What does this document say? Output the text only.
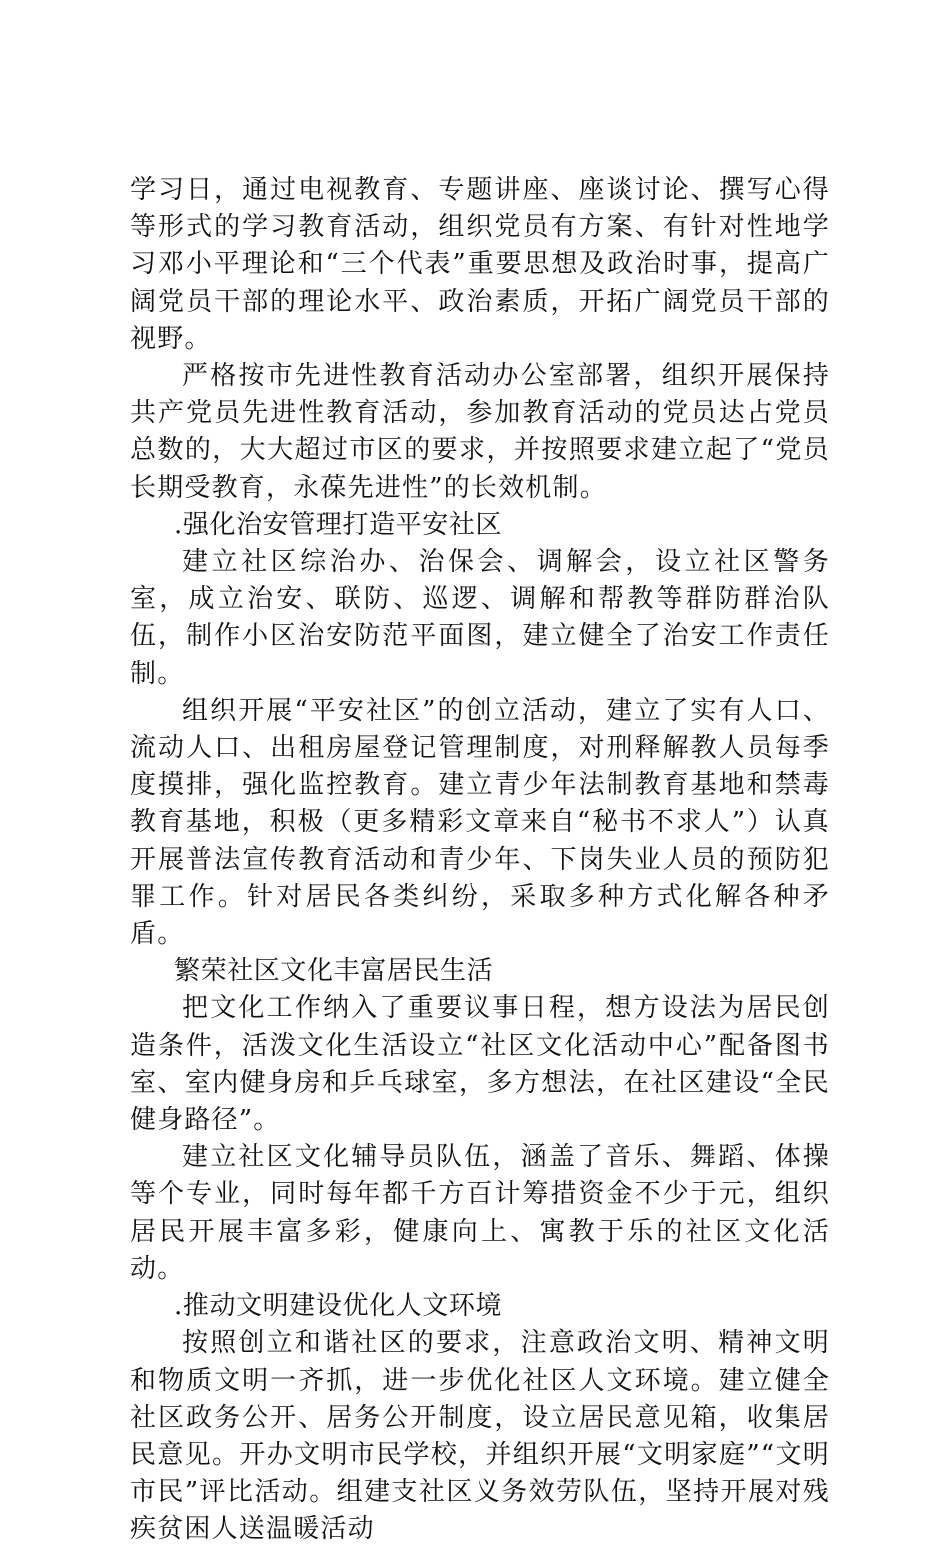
学习日，通过电视教育、专题讲座、座谈讨论、撰写心得等形式的学习教育活动，组织党员有方案、有针对性地学习邓小平理论和“三个代表”重要思想及政治时事，提高广阔党员干部的理论水平、政治素质，开拓广阔党员干部的视野。

严格按市先进性教育活动办公室部署，组织开展保持共产党员先进性教育活动，参加教育活动的党员达占党员总数的，大大超过市区的要求，并按照要求建立起了“党员长期受教育，永葆先进性”的长效机制。

.强化治安管理打造平安社区

建立社区综治办、治保会、调解会，设立社区警务室，成立治安、联防、巡逻、调解和帮教等群防群治队伍，制作小区治安防范平面图，建立健全了治安工作责任制。

组织开展“平安社区”的创立活动，建立了实有人口、流动人口、出租房屋登记管理制度，对刑释解教人员每季度摸排，强化监控教育。建立青少年法制教育基地和禁毒教育基地，积极（更多精彩文章来自“秘书不求人”）认真开展普法宣传教育活动和青少年、下岗失业人员的预防犯罪工作。针对居民各类纠纷，采取多种方式化解各种矛盾。

繁荣社区文化丰富居民生活

把文化工作纳入了重要议事日程，想方设法为居民创造条件，活泼文化生活设立“社区文化活动中心”配备图书室、室内健身房和乒乓球室，多方想法，在社区建设“全民健身路径”。

建立社区文化辅导员队伍，涵盖了音乐、舞蹈、体操等个专业，同时每年都千方百计筹措资金不少于元，组织居民开展丰富多彩，健康向上、寓教于乐的社区文化活动。

.推动文明建设优化人文环境

按照创立和谐社区的要求，注意政治文明、精神文明和物质文明一齐抓，进一步优化社区人文环境。建立健全社区政务公开、居务公开制度，设立居民意见箱，收集居民意见。开办文明市民学校，并组织开展“文明家庭”“文明市民”评比活动。组建支社区义务效劳队伍，坚持开展对残疾贫困人送温暖活动
